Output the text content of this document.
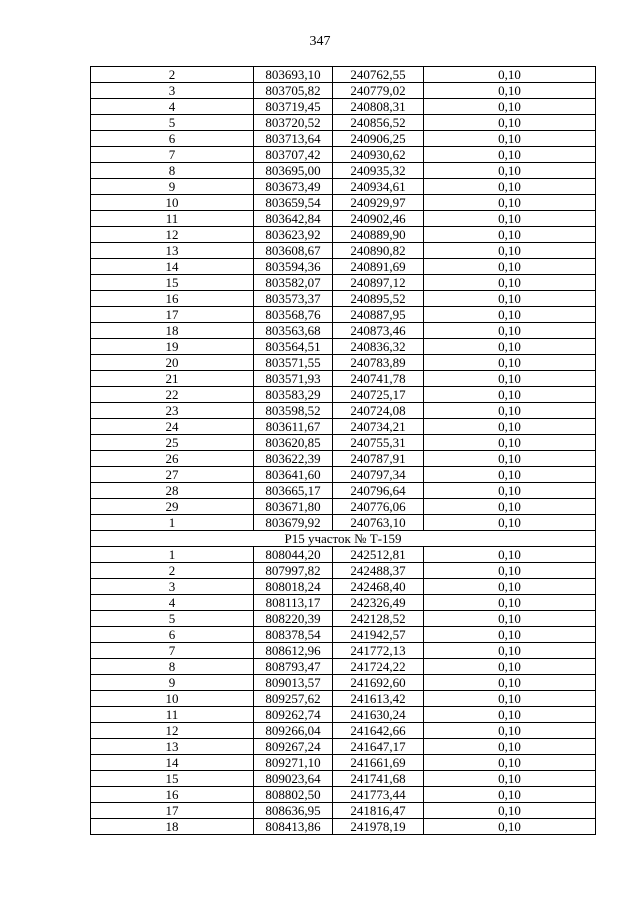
347
2	803693,10	240762,55	0,10
3	803705,82	240779,02	0,10
4	803719,45	240808,31	0,10
5	803720,52	240856,52	0,10
6	803713,64	240906,25	0,10
7	803707,42	240930,62	0,10
8	803695,00	240935,32	0,10
9	803673,49	240934,61	0,10
10	803659,54	240929,97	0,10
11	803642,84	240902,46	0,10
12	803623,92	240889,90	0,10
13	803608,67	240890,82	0,10
14	803594,36	240891,69	0,10
15	803582,07	240897,12	0,10
16	803573,37	240895,52	0,10
17	803568,76	240887,95	0,10
18	803563,68	240873,46	0,10
19	803564,51	240836,32	0,10
20	803571,55	240783,89	0,10
21	803571,93	240741,78	0,10
22	803583,29	240725,17	0,10
23	803598,52	240724,08	0,10
24	803611,67	240734,21	0,10
25	803620,85	240755,31	0,10
26	803622,39	240787,91	0,10
27	803641,60	240797,34	0,10
28	803665,17	240796,64	0,10
29	803671,80	240776,06	0,10
1	803679,92	240763,10	0,10
Р15 участок № Т-159			
1	808044,20	242512,81	0,10
2	807997,82	242488,37	0,10
3	808018,24	242468,40	0,10
4	808113,17	242326,49	0,10
5	808220,39	242128,52	0,10
6	808378,54	241942,57	0,10
7	808612,96	241772,13	0,10
8	808793,47	241724,22	0,10
9	809013,57	241692,60	0,10
10	809257,62	241613,42	0,10
11	809262,74	241630,24	0,10
12	809266,04	241642,66	0,10
13	809267,24	241647,17	0,10
14	809271,10	241661,69	0,10
15	809023,64	241741,68	0,10
16	808802,50	241773,44	0,10
17	808636,95	241816,47	0,10
18	808413,86	241978,19	0,10
